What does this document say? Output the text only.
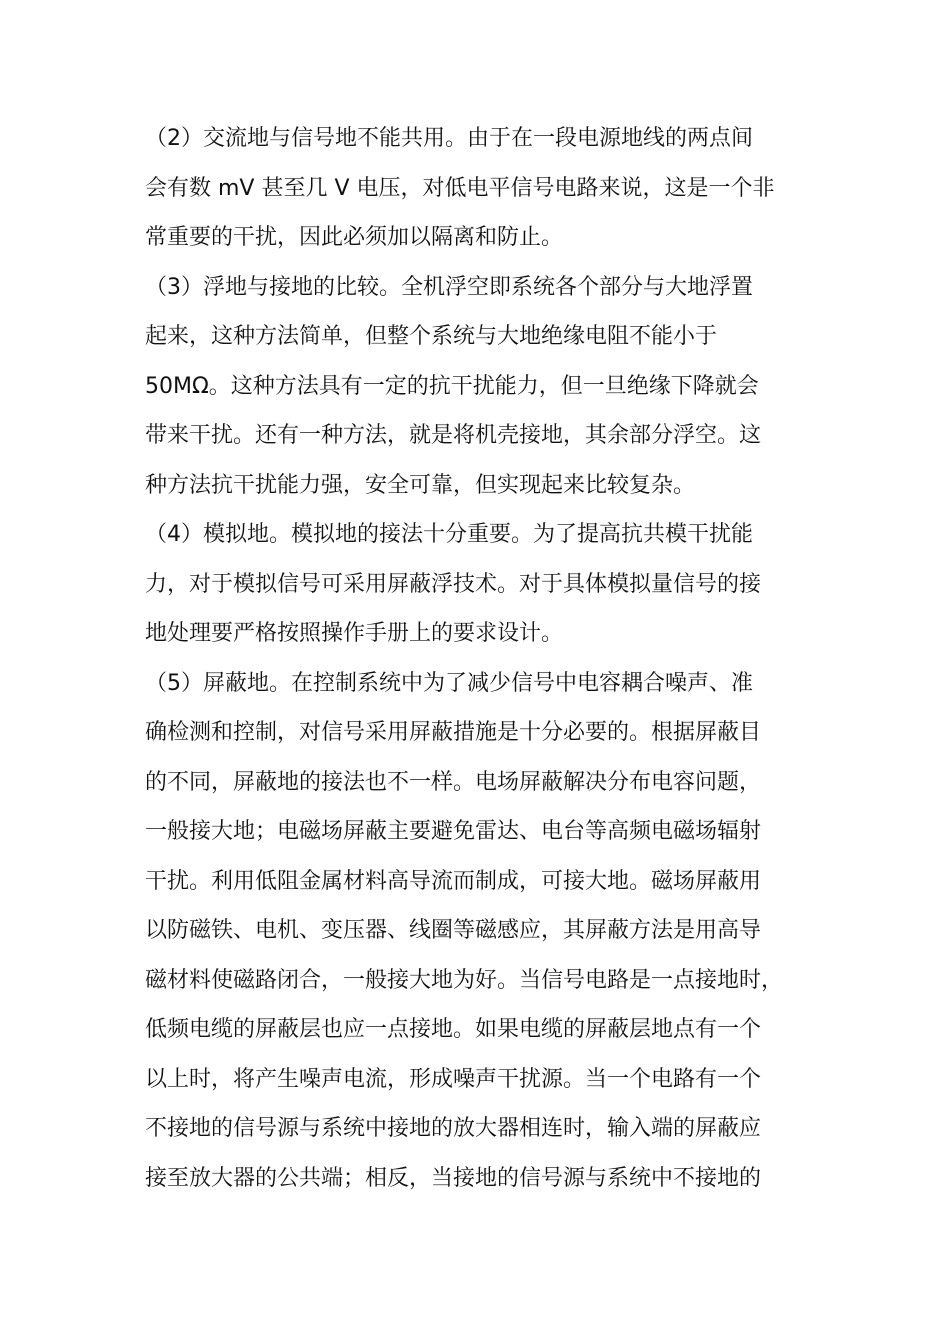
（2）交流地与信号地不能共用。由于在一段电源地线的两点间
会有数 mV 甚至几 V 电压，对低电平信号电路来说，这是一个非
常重要的干扰，因此必须加以隔离和防止。
（3）浮地与接地的比较。全机浮空即系统各个部分与大地浮置
起来，这种方法简单，但整个系统与大地绝缘电阻不能小于
50MΩ。这种方法具有一定的抗干扰能力，但一旦绝缘下降就会
带来干扰。还有一种方法，就是将机壳接地，其余部分浮空。这
种方法抗干扰能力强，安全可靠，但实现起来比较复杂。
（4）模拟地。模拟地的接法十分重要。为了提高抗共模干扰能
力，对于模拟信号可采用屏蔽浮技术。对于具体模拟量信号的接
地处理要严格按照操作手册上的要求设计。
（5）屏蔽地。在控制系统中为了减少信号中电容耦合噪声、准
确检测和控制，对信号采用屏蔽措施是十分必要的。根据屏蔽目
的不同，屏蔽地的接法也不一样。电场屏蔽解决分布电容问题，
一般接大地；电磁场屏蔽主要避免雷达、电台等高频电磁场辐射
干扰。利用低阻金属材料高导流而制成，可接大地。磁场屏蔽用
以防磁铁、电机、变压器、线圈等磁感应，其屏蔽方法是用高导
磁材料使磁路闭合，一般接大地为好。当信号电路是一点接地时，
低频电缆的屏蔽层也应一点接地。如果电缆的屏蔽层地点有一个
以上时，将产生噪声电流，形成噪声干扰源。当一个电路有一个
不接地的信号源与系统中接地的放大器相连时，输入端的屏蔽应
接至放大器的公共端；相反，当接地的信号源与系统中不接地的
